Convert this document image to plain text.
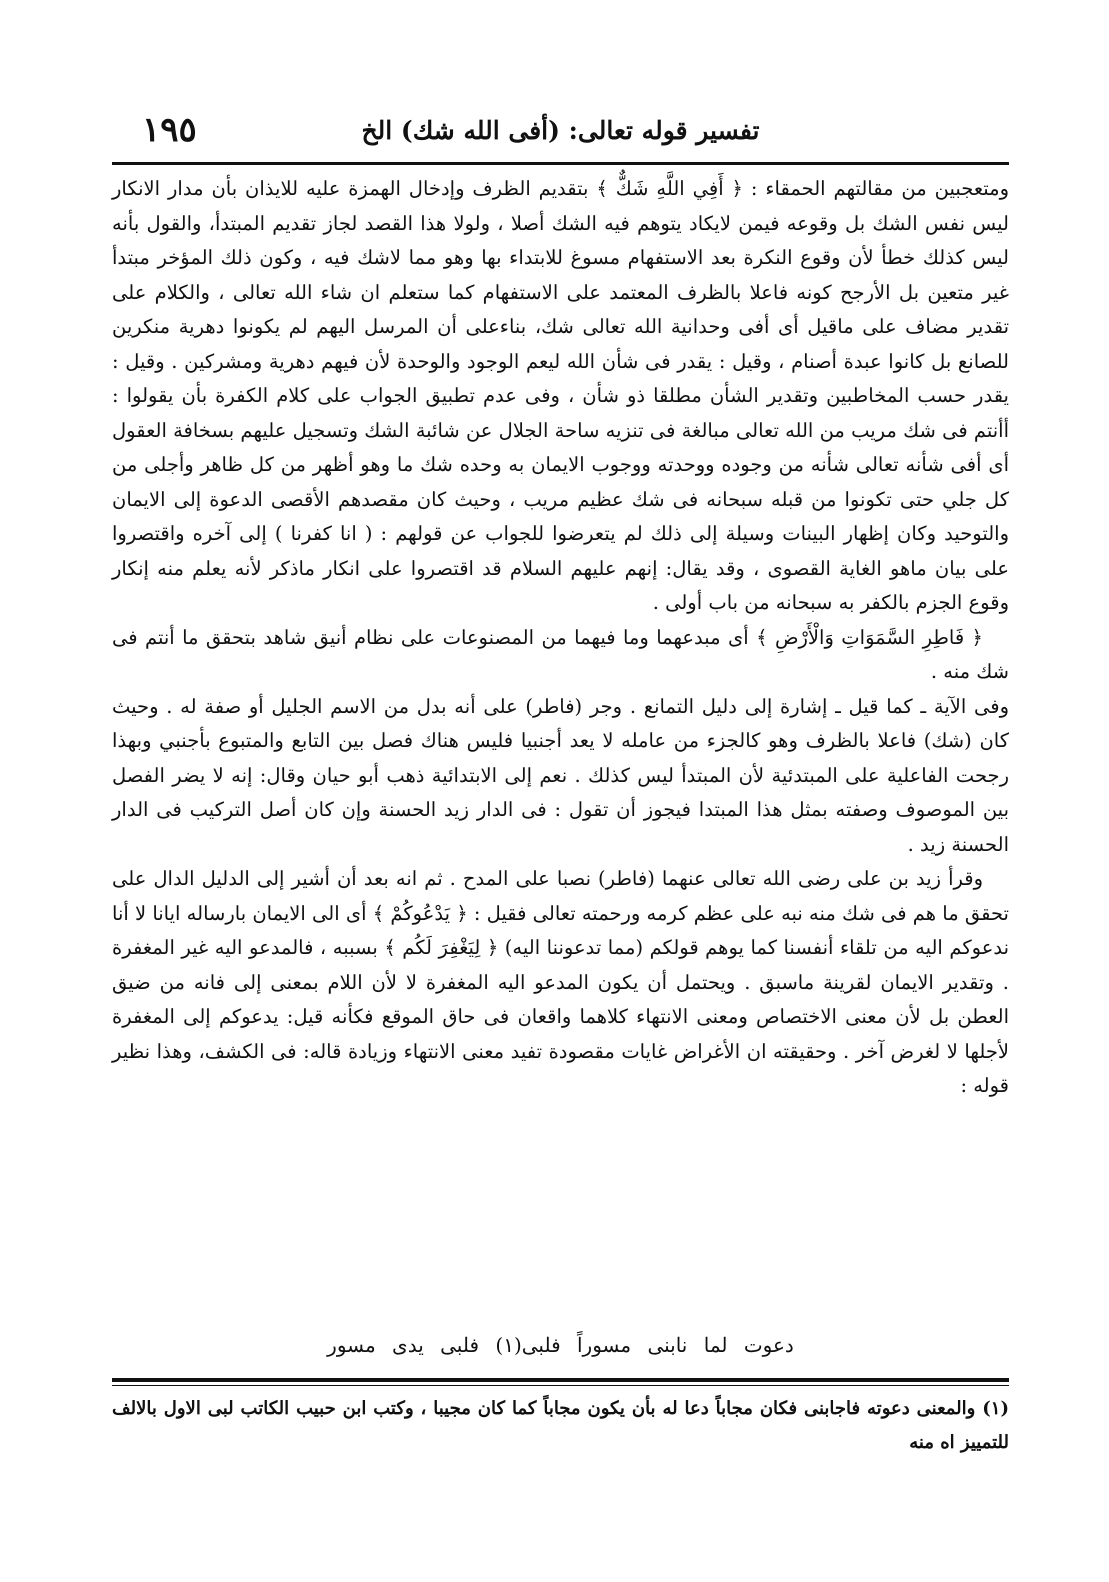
تفسير قوله تعالى: (أفى الله شك) الخ
١٩٥

ومتعجبين من مقالتهم الحمقاء : ﴿ أَفِي اللَّهِ شَكٌّ ﴾ بتقديم الظرف وإدخال الهمزة عليه للايذان بأن مدار الانكار ليس نفس الشك بل وقوعه فيمن لايكاد يتوهم فيه الشك أصلا ، ولولا هذا القصد لجاز تقديم المبتدأ، والقول بأنه ليس كذلك خطأ لأن وقوع النكرة بعد الاستفهام مسوغ للابتداء بها وهو مما لاشك فيه ، وكون ذلك المؤخر مبتدأ غير متعين بل الأرجح كونه فاعلا بالظرف المعتمد على الاستفهام كما ستعلم ان شاء الله تعالى ، والكلام على تقدير مضاف على ماقيل أى أفى وحدانية الله تعالى شك، بناءعلى أن المرسل اليهم لم يكونوا دهرية منكرين للصانع بل كانوا عبدة أصنام ، وقيل : يقدر فى شأن الله ليعم الوجود والوحدة لأن فيهم دهرية ومشركين . وقيل : يقدر حسب المخاطبين وتقدير الشأن مطلقا ذو شأن ، وفى عدم تطبيق الجواب على كلام الكفرة بأن يقولوا : أأنتم فى شك مريب من الله تعالى مبالغة فى تنزيه ساحة الجلال عن شائبة الشك وتسجيل عليهم بسخافة العقول أى أفى شأنه تعالى شأنه من وجوده ووحدته ووجوب الايمان به وحده شك ما وهو أظهر من كل ظاهر وأجلى من كل جلي حتى تكونوا من قبله سبحانه فى شك عظيم مريب ، وحيث كان مقصدهم الأقصى الدعوة إلى الايمان والتوحيد وكان إظهار البينات وسيلة إلى ذلك لم يتعرضوا للجواب عن قولهم : ( انا كفرنا ) إلى آخره واقتصروا على بيان ماهو الغاية القصوى ، وقد يقال: إنهم عليهم السلام قد اقتصروا على انكار ماذكر لأنه يعلم منه إنكار وقوع الجزم بالكفر به سبحانه من باب أولى .

﴿ فَاطِرِ السَّمَوَاتِ وَالْأَرْضِ ﴾ أى مبدعهما وما فيهما من المصنوعات على نظام أنيق شاهد بتحقق ما أنتم فى شك منه .

وفى الآية ـ كما قيل ـ إشارة إلى دليل التمانع . وجر (فاطر) على أنه بدل من الاسم الجليل أو صفة له . وحيث كان (شك) فاعلا بالظرف وهو كالجزء من عامله لا يعد أجنبيا فليس هناك فصل بين التابع والمتبوع بأجنبي وبهذا رجحت الفاعلية على المبتدئية لأن المبتدأ ليس كذلك . نعم إلى الابتدائية ذهب أبو حيان وقال: إنه لا يضر الفصل بين الموصوف وصفته بمثل هذا المبتدا فيجوز أن تقول : فى الدار زيد الحسنة وإن كان أصل التركيب فى الدار الحسنة زيد .

وقرأ زيد بن على رضى الله تعالى عنهما (فاطر) نصبا على المدح . ثم انه بعد أن أشير إلى الدليل الدال على تحقق ما هم فى شك منه نبه على عظم كرمه ورحمته تعالى فقيل : ﴿ يَدْعُوكُمْ ﴾ أى الى الايمان بارساله ايانا لا أنا ندعوكم اليه من تلقاء أنفسنا كما يوهم قولكم (مما تدعوننا اليه) ﴿ لِيَغْفِرَ لَكُم ﴾ بسببه ، فالمدعو اليه غير المغفرة . وتقدير الايمان لقرينة ماسبق . ويحتمل أن يكون المدعو اليه المغفرة لا لأن اللام بمعنى إلى فانه من ضيق العطن بل لأن معنى الاختصاص ومعنى الانتهاء كلاهما واقعان فى حاق الموقع فكأنه قيل: يدعوكم إلى المغفرة لأجلها لا لغرض آخر . وحقيقته ان الأغراض غايات مقصودة تفيد معنى الانتهاء وزيادة قاله: فى الكشف، وهذا نظير قوله :

دعوت لما نابنى مسوراً فلبى(١) فلبى يدى مسور
(١) والمعنى دعوته فاجابنى فكان مجاباً دعا له بأن يكون مجاباً كما كان مجيبا ، وكتب ابن حبيب الكاتب لبى الاول بالالف للتمييز اه منه
